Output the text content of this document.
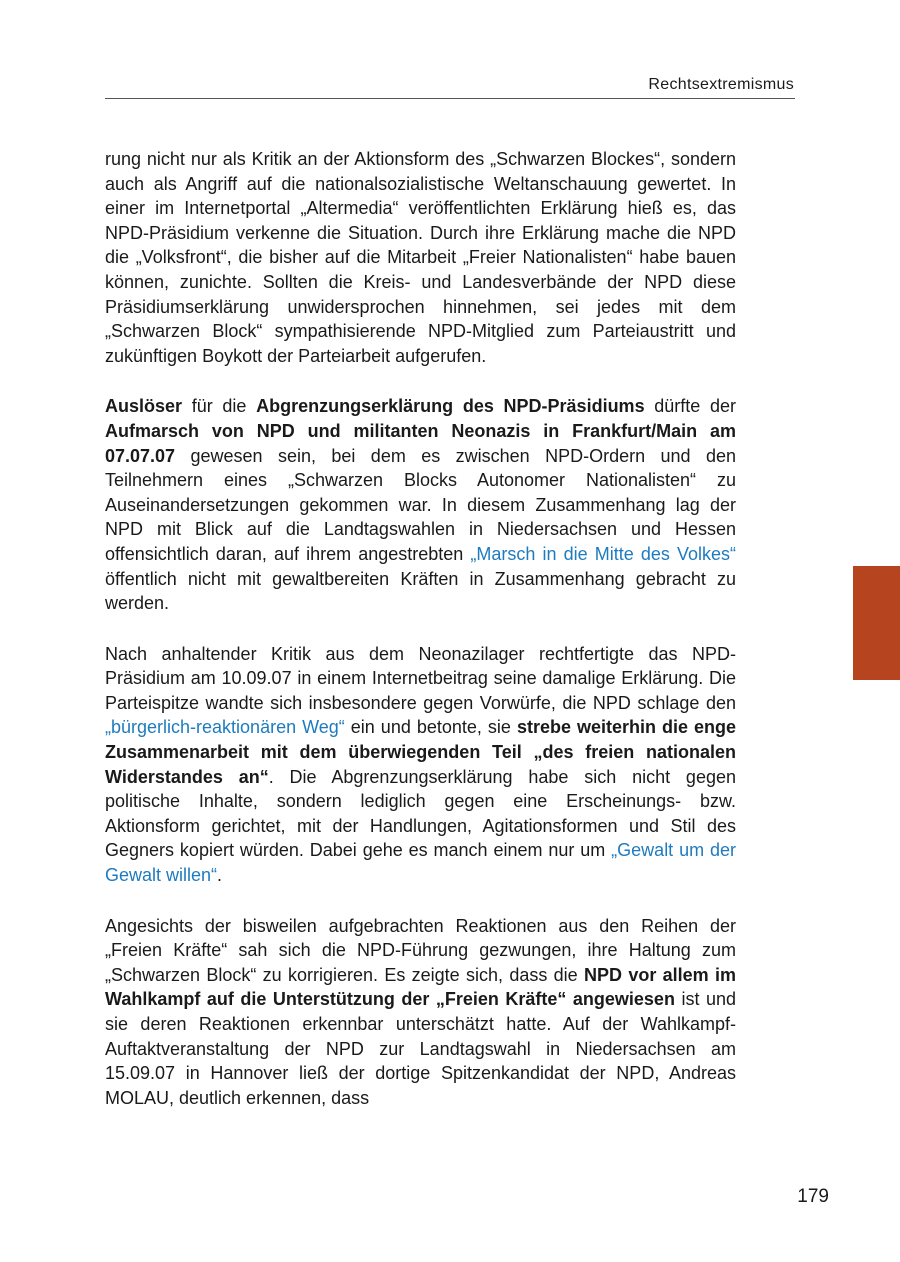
Rechtsextremismus

rung nicht nur als Kritik an der Aktionsform des „Schwarzen Blockes“, sondern auch als Angriff auf die nationalsozialistische Weltanschauung gewertet. In einer im Internetportal „Altermedia“ veröffentlichten Erklärung hieß es, das NPD-Präsidium verkenne die Situation. Durch ihre Erklärung mache die NPD die „Volksfront“, die bisher auf die Mitarbeit „Freier Nationalisten“ habe bauen können, zunichte. Sollten die Kreis- und Landesverbände der NPD diese Präsidiumserklärung unwidersprochen hinnehmen, sei jedes mit dem „Schwarzen Block“ sympathisierende NPD-Mitglied zum Parteiaustritt und zukünftigen Boykott der Parteiarbeit aufgerufen.

Auslöser für die Abgrenzungserklärung des NPD-Präsidiums dürfte der Aufmarsch von NPD und militanten Neonazis in Frankfurt/Main am 07.07.07 gewesen sein, bei dem es zwischen NPD-Ordern und den Teilnehmern eines „Schwarzen Blocks Autonomer Nationalisten“ zu Auseinandersetzungen gekommen war. In diesem Zusammenhang lag der NPD mit Blick auf die Landtagswahlen in Niedersachsen und Hessen offensichtlich daran, auf ihrem angestrebten „Marsch in die Mitte des Volkes“ öffentlich nicht mit gewaltbereiten Kräften in Zusammenhang gebracht zu werden.

Nach anhaltender Kritik aus dem Neonazilager rechtfertigte das NPD-Präsidium am 10.09.07 in einem Internetbeitrag seine damalige Erklärung. Die Parteispitze wandte sich insbesondere gegen Vorwürfe, die NPD schlage den „bürgerlich-reaktionären Weg“ ein und betonte, sie strebe weiterhin die enge Zusammenarbeit mit dem überwiegenden Teil „des freien nationalen Widerstandes an“. Die Abgrenzungserklärung habe sich nicht gegen politische Inhalte, sondern lediglich gegen eine Erscheinungs- bzw. Aktionsform gerichtet, mit der Handlungen, Agitationsformen und Stil des Gegners kopiert würden. Dabei gehe es manch einem nur um „Gewalt um der Gewalt willen“.

Angesichts der bisweilen aufgebrachten Reaktionen aus den Reihen der „Freien Kräfte“ sah sich die NPD-Führung gezwungen, ihre Haltung zum „Schwarzen Block“ zu korrigieren. Es zeigte sich, dass die NPD vor allem im Wahlkampf auf die Unterstützung der „Freien Kräfte“ angewiesen ist und sie deren Reaktionen erkennbar unterschätzt hatte. Auf der Wahlkampf-Auftaktveranstaltung der NPD zur Landtagswahl in Niedersachsen am 15.09.07 in Hannover ließ der dortige Spitzenkandidat der NPD, Andreas MOLAU, deutlich erkennen, dass

179
